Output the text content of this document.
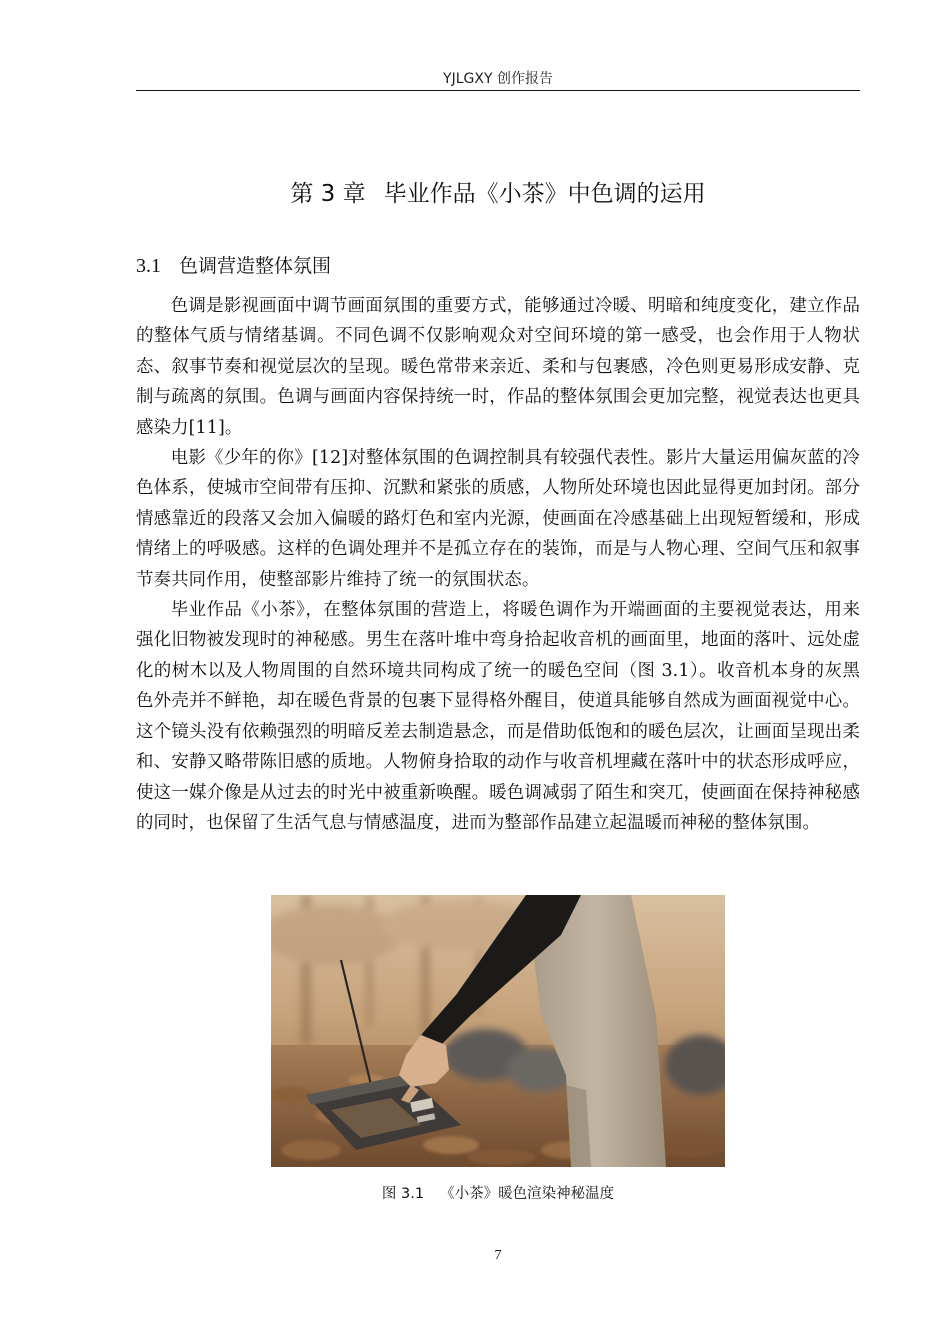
YJLGXY 创作报告
第 3 章 毕业作品《小茶》中色调的运用
3.1 色调营造整体氛围

色调是影视画面中调节画面氛围的重要方式，能够通过冷暖、明暗和纯度变化，建立作品的整体气质与情绪基调。不同色调不仅影响观众对空间环境的第一感受，也会作用于人物状态、叙事节奏和视觉层次的呈现。暖色常带来亲近、柔和与包裹感，冷色则更易形成安静、克制与疏离的氛围。色调与画面内容保持统一时，作品的整体氛围会更加完整，视觉表达也更具感染力[11]。

电影《少年的你》[12]对整体氛围的色调控制具有较强代表性。影片大量运用偏灰蓝的冷色体系，使城市空间带有压抑、沉默和紧张的质感，人物所处环境也因此显得更加封闭。部分情感靠近的段落又会加入偏暖的路灯色和室内光源，使画面在冷感基础上出现短暂缓和，形成情绪上的呼吸感。这样的色调处理并不是孤立存在的装饰，而是与人物心理、空间气压和叙事节奏共同作用，使整部影片维持了统一的氛围状态。

毕业作品《小茶》，在整体氛围的营造上，将暖色调作为开端画面的主要视觉表达，用来强化旧物被发现时的神秘感。男生在落叶堆中弯身拾起收音机的画面里，地面的落叶、远处虚化的树木以及人物周围的自然环境共同构成了统一的暖色空间（图 3.1）。收音机本身的灰黑色外壳并不鲜艳，却在暖色背景的包裹下显得格外醒目，使道具能够自然成为画面视觉中心。这个镜头没有依赖强烈的明暗反差去制造悬念，而是借助低饱和的暖色层次，让画面呈现出柔和、安静又略带陈旧感的质地。人物俯身拾取的动作与收音机埋藏在落叶中的状态形成呼应，使这一媒介像是从过去的时光中被重新唤醒。暖色调减弱了陌生和突兀，使画面在保持神秘感的同时，也保留了生活气息与情感温度，进而为整部作品建立起温暖而神秘的整体氛围。

图 3.1 《小茶》暖色渲染神秘温度
7
